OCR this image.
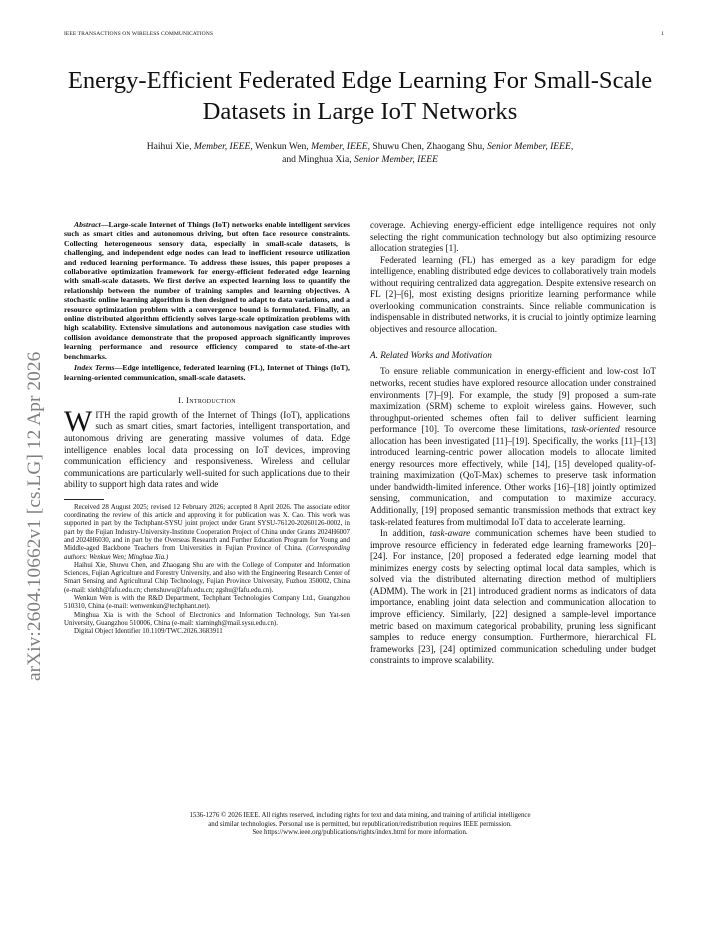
IEEE TRANSACTIONS ON WIRELESS COMMUNICATIONS	1
arXiv:2604.10662v1 [cs.LG] 12 Apr 2026
Energy-Efficient Federated Edge Learning For Small-Scale Datasets in Large IoT Networks
Haihui Xie, Member, IEEE, Wenkun Wen, Member, IEEE, Shuwu Chen, Zhaogang Shu, Senior Member, IEEE,
and Minghua Xia, Senior Member, IEEE

Abstract—Large-scale Internet of Things (IoT) networks enable intelligent services such as smart cities and autonomous driving, but often face resource constraints. Collecting heterogeneous sensory data, especially in small-scale datasets, is challenging, and independent edge nodes can lead to inefficient resource utilization and reduced learning performance. To address these issues, this paper proposes a collaborative optimization framework for energy-efficient federated edge learning with small-scale datasets. We first derive an expected learning loss to quantify the relationship between the number of training samples and learning objectives. A stochastic online learning algorithm is then designed to adapt to data variations, and a resource optimization problem with a convergence bound is formulated. Finally, an online distributed algorithm efficiently solves large-scale optimization problems with high scalability. Extensive simulations and autonomous navigation case studies with collision avoidance demonstrate that the proposed approach significantly improves learning performance and resource efficiency compared to state-of-the-art benchmarks.

Index Terms—Edge intelligence, federated learning (FL), Internet of Things (IoT), learning-oriented communication, small-scale datasets.

I. Introduction

WITH the rapid growth of the Internet of Things (IoT), applications such as smart cities, smart factories, intelligent transportation, and autonomous driving are generating massive volumes of data. Edge intelligence enables local data processing on IoT devices, improving communication efficiency and responsiveness. Wireless and cellular communications are particularly well-suited for such applications due to their ability to support high data rates and wide

Received 28 August 2025; revised 12 February 2026; accepted 8 April 2026. The associate editor coordinating the review of this article and approving it for publication was X. Cao. This work was supported in part by the Techphant-SYSU joint project under Grant SYSU-76120-20260126-0002, in part by the Fujian Industry-University-Institute Cooperation Project of China under Grants 2024H6007 and 2024H6030, and in part by the Overseas Research and Further Education Program for Young and Middle-aged Backbone Teachers from Universities in Fujian Province of China. (Corresponding authors: Wenkun Wen; Minghua Xia.)

Haihui Xie, Shuwu Chen, and Zhaogang Shu are with the College of Computer and Information Sciences, Fujian Agriculture and Forestry University, and also with the Engineering Research Center of Smart Sensing and Agricultural Chip Technology, Fujian Province University, Fuzhou 350002, China (e-mail: xiehh@fafu.edu.cn; chenshuwu@fafu.edu.cn; zgshu@fafu.edu.cn).

Wenkun Wen is with the R&D Department, Techphant Technologies Company Ltd., Guangzhou 510310, China (e-mail: wenwenkun@techphant.net).

Minghua Xia is with the School of Electronics and Information Technology, Sun Yat-sen University, Guangzhou 510006, China (e-mail: xiamingh@mail.sysu.edu.cn).

Digital Object Identifier 10.1109/TWC.2026.3683911

coverage. Achieving energy-efficient edge intelligence requires not only selecting the right communication technology but also optimizing resource allocation strategies [1].

Federated learning (FL) has emerged as a key paradigm for edge intelligence, enabling distributed edge devices to collaboratively train models without requiring centralized data aggregation. Despite extensive research on FL [2]–[6], most existing designs prioritize learning performance while overlooking communication constraints. Since reliable communication is indispensable in distributed networks, it is crucial to jointly optimize learning objectives and resource allocation.

A. Related Works and Motivation

To ensure reliable communication in energy-efficient and low-cost IoT networks, recent studies have explored resource allocation under constrained environments [7]–[9]. For example, the study [9] proposed a sum-rate maximization (SRM) scheme to exploit wireless gains. However, such throughput-oriented schemes often fail to deliver sufficient learning performance [10]. To overcome these limitations, task-oriented resource allocation has been investigated [11]–[19]. Specifically, the works [11]–[13] introduced learning-centric power allocation models to allocate limited energy resources more effectively, while [14], [15] developed quality-of-training maximization (QoT-Max) schemes to preserve task information under bandwidth-limited inference. Other works [16]–[18] jointly optimized sensing, communication, and computation to maximize accuracy. Additionally, [19] proposed semantic transmission methods that extract key task-related features from multimodal IoT data to accelerate learning.

In addition, task-aware communication schemes have been studied to improve resource efficiency in federated edge learning frameworks [20]–[24]. For instance, [20] proposed a federated edge learning model that minimizes energy costs by selecting optimal local data samples, which is solved via the distributed alternating direction method of multipliers (ADMM). The work in [21] introduced gradient norms as indicators of data importance, enabling joint data selection and communication allocation to improve efficiency. Similarly, [22] designed a sample-level importance metric based on maximum categorical probability, pruning less significant samples to reduce energy consumption. Furthermore, hierarchical FL frameworks [23], [24] optimized communication scheduling under budget constraints to improve scalability.

1536-1276 © 2026 IEEE. All rights reserved, including rights for text and data mining, and training of artificial intelligence
and similar technologies. Personal use is permitted, but republication/redistribution requires IEEE permission.
See https://www.ieee.org/publications/rights/index.html for more information.
